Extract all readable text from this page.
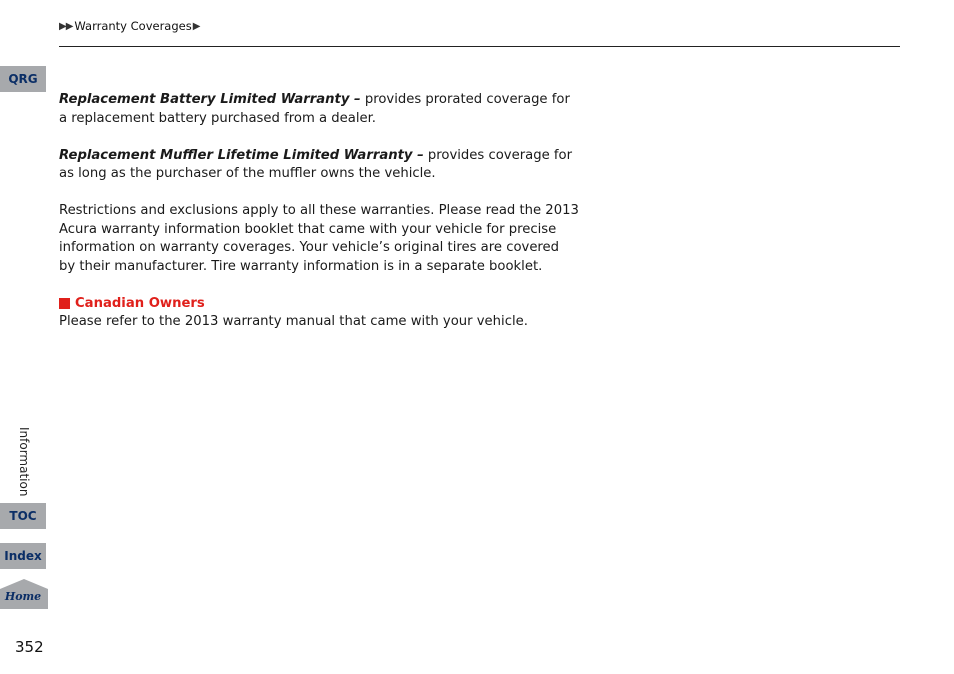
▶▶ Warranty Coverages ▶
QRG
Information
TOC
Index
Home
352

Replacement Battery Limited Warranty – provides prorated coverage for a replacement battery purchased from a dealer.

Replacement Muffler Lifetime Limited Warranty – provides coverage for as long as the purchaser of the muffler owns the vehicle.

Restrictions and exclusions apply to all these warranties. Please read the 2013 Acura warranty information booklet that came with your vehicle for precise information on warranty coverages. Your vehicle’s original tires are covered by their manufacturer. Tire warranty information is in a separate booklet.

Canadian Owners
Please refer to the 2013 warranty manual that came with your vehicle.
